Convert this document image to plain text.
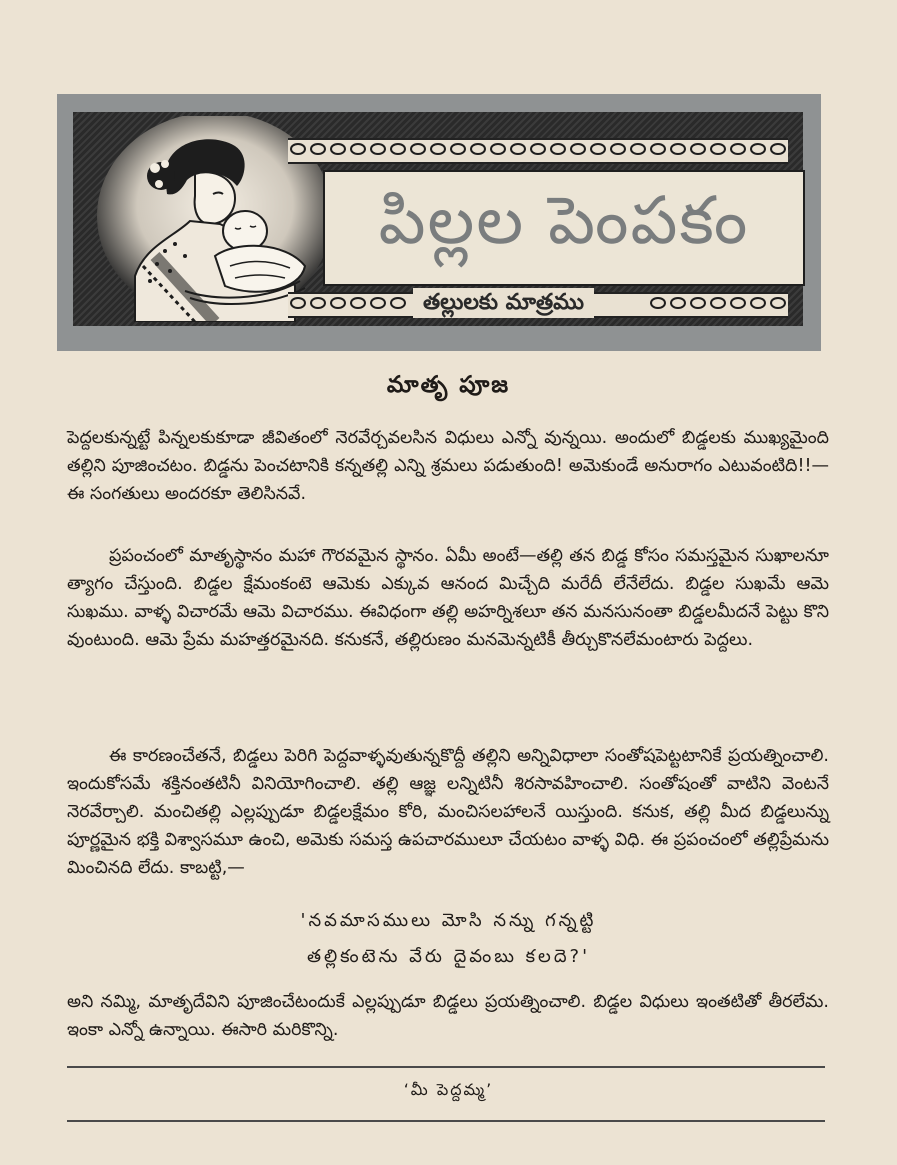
పిల్లల పెంపకం
తల్లులకు మాత్రము
మాతృ పూజ
పెద్దలకున్నట్టే పిన్నలకుకూడా జీవితంలో నెరవేర్చవలసిన విధులు ఎన్నో వున్నయి. అందులో బిడ్డలకు ముఖ్యమైంది తల్లిని పూజించటం. బిడ్డను పెంచటానికి కన్నతల్లి ఎన్ని శ్రమలు పడుతుంది! అమెకుండే అనురాగం ఎటువంటిది!!—ఈ సంగతులు అందరకూ తెలిసినవే.
ప్రపంచంలో మాతృస్థానం మహా గౌరవమైన స్థానం. ఏమీ అంటే—తల్లి తన బిడ్డ కోసం సమస్తమైన సుఖాలనూ త్యాగం చేస్తుంది. బిడ్డల క్షేమంకంటె ఆమెకు ఎక్కువ ఆనంద మిచ్చేది మరేదీ లేనేలేదు. బిడ్డల సుఖమే ఆమె సుఖము. వాళ్ళ విచారమే ఆమె విచారము. ఈవిధంగా తల్లి అహర్నిశలూ తన మనసునంతా బిడ్డలమీదనే పెట్టు కొని వుంటుంది. ఆమె ప్రేమ మహత్తరమైనది. కనుకనే, తల్లిరుణం మనమెన్నటికీ తీర్చుకొనలేమంటారు పెద్దలు.
ఈ కారణంచేతనే, బిడ్డలు పెరిగి పెద్దవాళ్ళవుతున్నకొద్దీ తల్లిని అన్నివిధాలా సంతోషపెట్టటానికే ప్రయత్నించాలి. ఇందుకోసమే శక్తినంతటినీ వినియోగించాలి. తల్లి ఆజ్ఞ లన్నిటినీ శిరసావహించాలి. సంతోషంతో వాటిని వెంటనే నెరవేర్చాలి. మంచితల్లి ఎల్లప్పుడూ బిడ్డలక్షేమం కోరి, మంచిసలహాలనే యిస్తుంది. కనుక, తల్లి మీద బిడ్డలున్ను పూర్ణమైన భక్తి విశ్వాసమూ ఉంచి, అమెకు సమస్త ఉపచారములూ చేయటం వాళ్ళ విధి. ఈ ప్రపంచంలో తల్లిప్రేమను మించినది లేదు. కాబట్టి,—
'నవమాసములు మోసి నన్ను గన్నట్టి
తల్లికంటెను వేరు దైవంబు కలదె?'
అని నమ్మి, మాతృదేవిని పూజించేటందుకే ఎల్లప్పుడూ బిడ్డలు ప్రయత్నించాలి. బిడ్డల విధులు ఇంతటితో తీరలేమ. ఇంకా ఎన్నో ఉన్నాయి. ఈసారి మరికొన్ని.
‘మీ పెద్దమ్మ’
